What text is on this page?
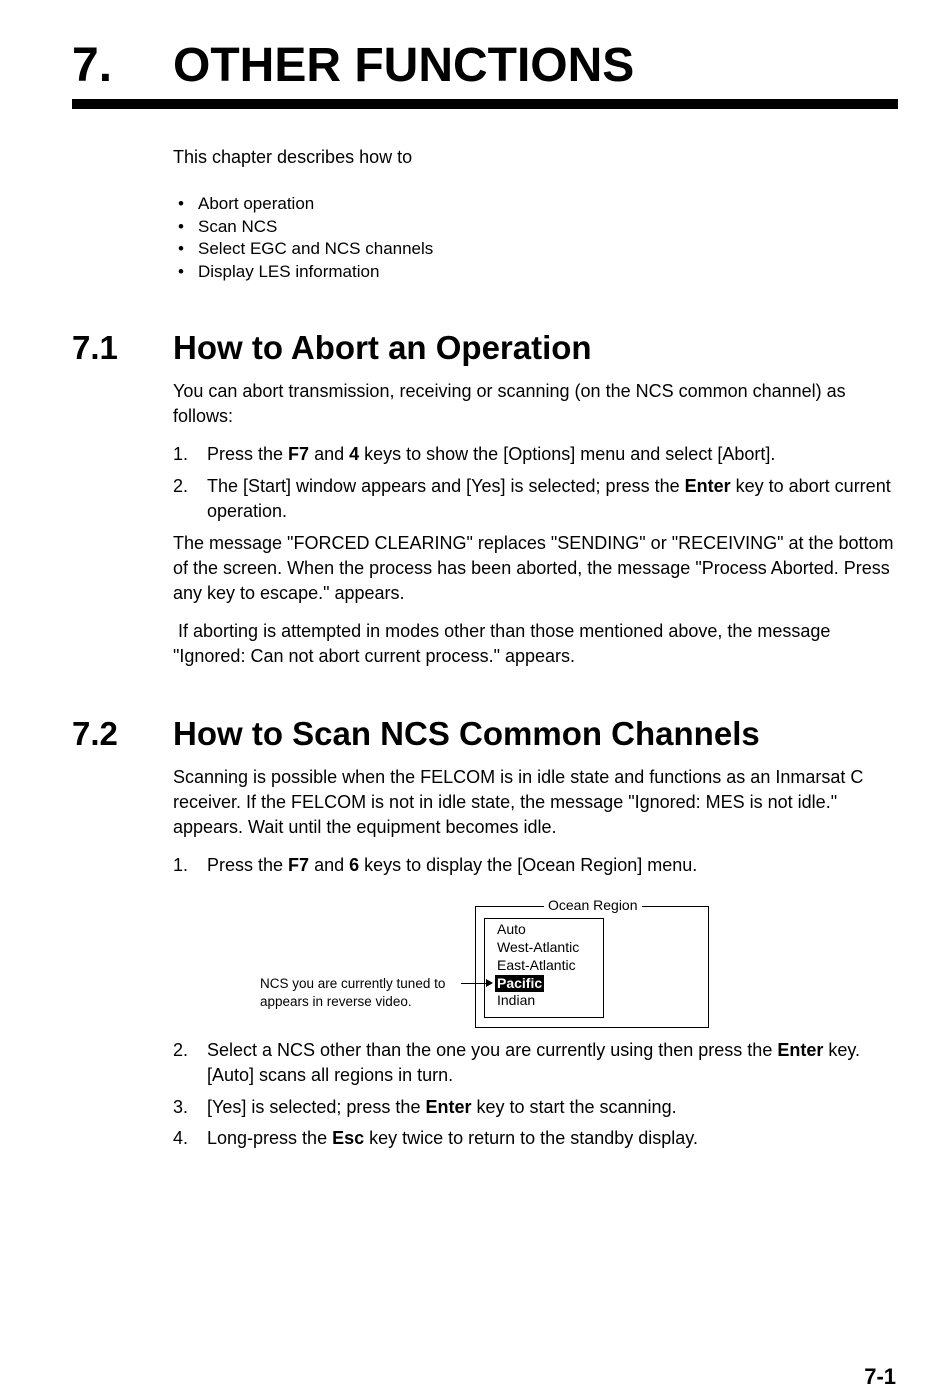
7. OTHER FUNCTIONS
This chapter describes how to
• Abort operation
• Scan NCS
• Select EGC and NCS channels
• Display LES information
7.1 How to Abort an Operation
You can abort transmission, receiving or scanning (on the NCS common channel) as follows:
1.	Press the F7 and 4 keys to show the [Options] menu and select [Abort].
2.	The [Start] window appears and [Yes] is selected; press the Enter key to abort current operation.
The message "FORCED CLEARING" replaces "SENDING" or "RECEIVING" at the bottom of the screen. When the process has been aborted, the message "Process Aborted. Press any key to escape." appears.
If aborting is attempted in modes other than those mentioned above, the message "Ignored: Can not abort current process." appears.
7.2 How to Scan NCS Common Channels
Scanning is possible when the FELCOM is in idle state and functions as an Inmarsat C receiver. If the FELCOM is not in idle state, the message "Ignored: MES is not idle." appears. Wait until the equipment becomes idle.
1.	Press the F7 and 6 keys to display the [Ocean Region] menu.
Ocean Region
Auto
West-Atlantic
East-Atlantic
Pacific
Indian
NCS you are currently tuned to
appears in reverse video.
2.	Select a NCS other than the one you are currently using then press the Enter key. [Auto] scans all regions in turn.
3.	[Yes] is selected; press the Enter key to start the scanning.
4.	Long-press the Esc key twice to return to the standby display.
7-1
